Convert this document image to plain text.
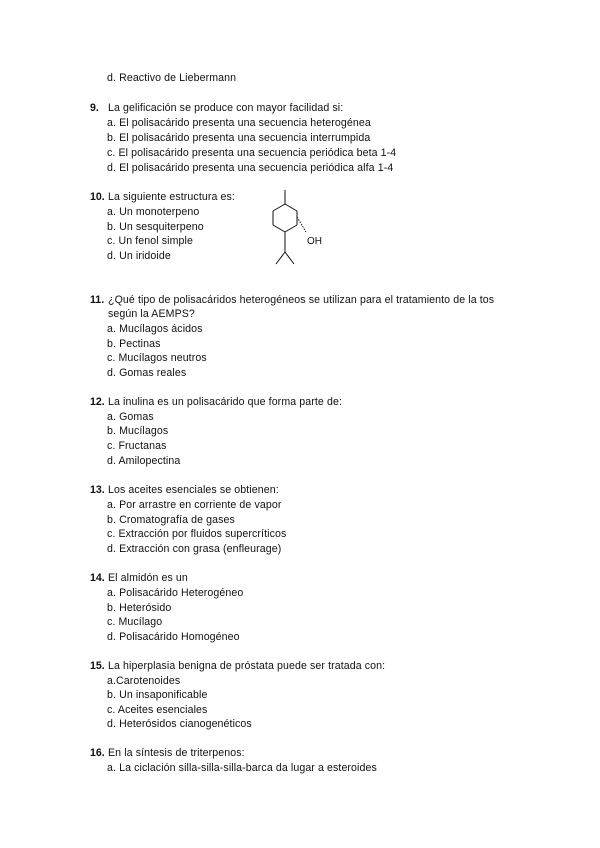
d. Reactivo de Liebermann
9. La gelificación se produce con mayor facilidad si:
a. El polisacárido presenta una secuencia heterogénea
b. El polisacárido presenta una secuencia interrumpida
c. El polisacárido presenta una secuencia periódica beta 1-4
d. El polisacárido presenta una secuencia periódica alfa 1-4
10. La siguiente estructura es:
a. Un monoterpeno
b. Un sesquiterpeno
c. Un fenol simple
d. Un iridoide
OH
11. ¿Qué tipo de polisacáridos heterogéneos se utilizan para el tratamiento de la tos
según la AEMPS?
a. Mucílagos ácidos
b. Pectinas
c. Mucílagos neutros
d. Gomas reales
12. La inulina es un polisacárido que forma parte de:
a. Gomas
b. Mucílagos
c. Fructanas
d. Amilopectina
13. Los aceites esenciales se obtienen:
a. Por arrastre en corriente de vapor
b. Cromatografía de gases
c. Extracción por fluidos supercríticos
d. Extracción con grasa (enfleurage)
14. El almidón es un
a. Polisacárido Heterogéneo
b. Heterósido
c. Mucílago
d. Polisacárido Homogéneo
15. La hiperplasia benigna de próstata puede ser tratada con:
a.Carotenoides
b. Un insaponificable
c. Aceites esenciales
d. Heterósidos cianogenéticos
16. En la síntesis de triterpenos:
a. La ciclación silla-silla-silla-barca da lugar a esteroides
